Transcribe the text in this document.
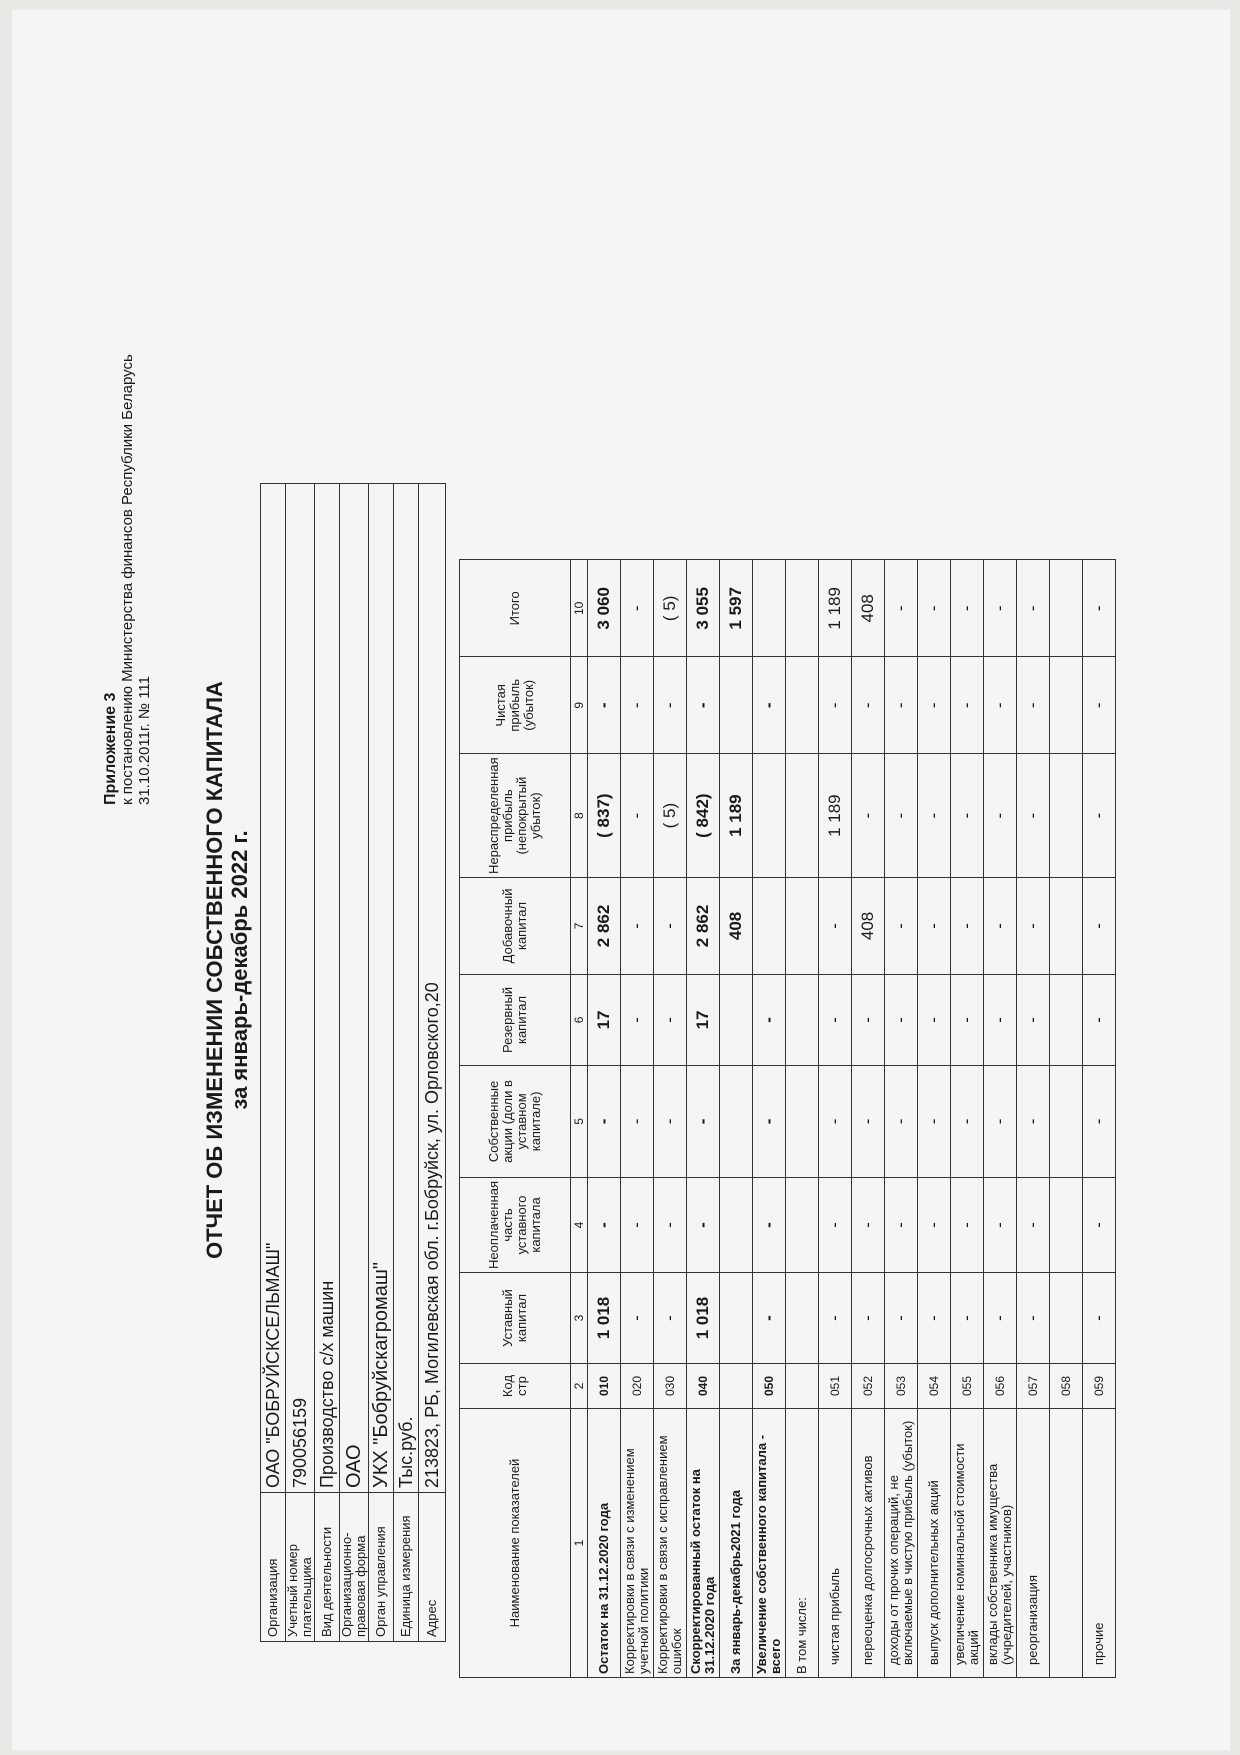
Приложение 3 к постановлению Министерства финансов Республики Беларусь 31.10.2011г. № 111 ОТЧЕТ ОБ ИЗМЕНЕНИИ СОБСТВЕННОГО КАПИТАЛА за январь-декабрь 2022 г.
Организация	ОАО "БОБРУЙСКСЕЛЬМАШ"
Учетный номер плательщика	790056159
Вид деятельности	Производство с/х машин
Организационно-правовая форма	ОАО
Орган управления	УКХ "Бобруйскагромаш"
Единица измерения	Тыс.руб.
Адрес	213823, РБ, Могилевская обл. г.Бобруйск, ул. Орловского,20
Наименование показателей	Код стр	Уставный капитал	Неоплаченная часть уставного капитала	Собственные акции (доли в уставном капитале)	Резервный капитал	Добавочный капитал	Нераспределенная прибыль (непокрытый убыток)	Чистая прибыль (убыток)	Итого
1	2	3	4	5	6	7	8	9	10
Остаток на 31.12.2020 года	010	1 018	-	-	17	2 862	( 837)	-	3 060
Корректировки в связи с изменением учетной политики	020	-	-	-	-	-	-	-	-
Корректировки в связи с исправлением ошибок	030	-	-	-	-	-	( 5)	-	( 5)
Скорректированный остаток на 31.12.2020 года	040	1 018	-	-	17	2 862	( 842)	-	3 055
За январь-декабрь2021 года						408	1 189		1 597
Увеличение собственного капитала - всего	050	-	-	-	-			-	
В том числе:									
чистая прибыль	051	-	-	-	-	-	1 189	-	1 189
переоценка долгосрочных активов	052	-	-	-	-	408	-	-	408
доходы от прочих операций, не включаемые в чистую прибыль (убыток)	053	-	-	-	-	-	-	-	-
выпуск дополнительных акций	054	-	-	-	-	-	-	-	-
увеличение номинальной стоимости акций	055	-	-	-	-	-	-	-	-
вклады собственника имущества (учредителей, участников)	056	-	-	-	-	-	-	-	-
реорганизация	057	-	-	-	-	-	-	-	-
	058								
прочие	059	-	-	-	-	-	-	-	-
